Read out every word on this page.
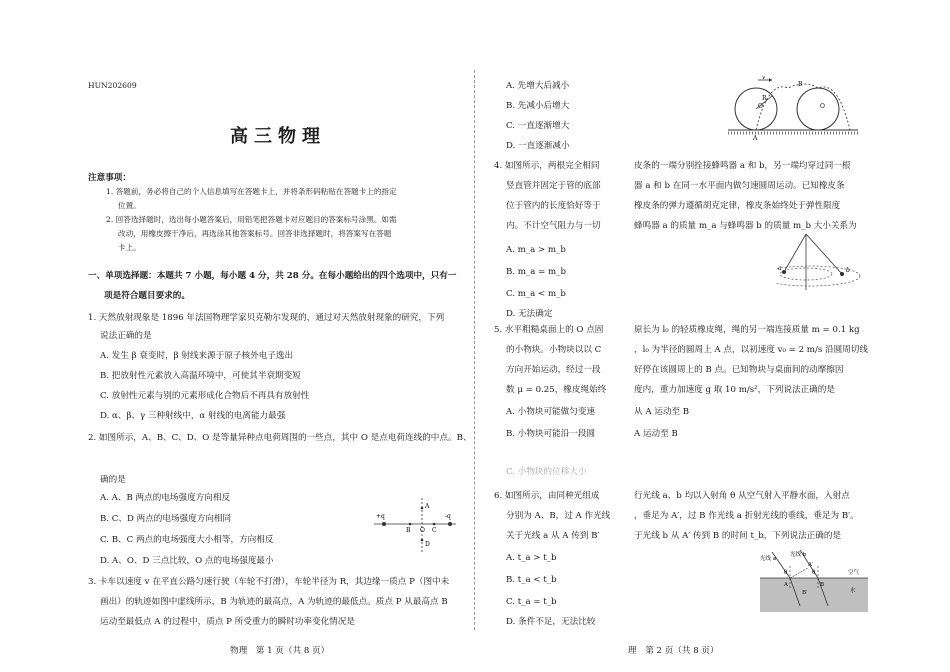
HUN202609
高三物理
注意事项：
1. 答题前，务必将自己的个人信息填写在答题卡上，并将条形码粘贴在答题卡上的指定
位置。
2. 回答选择题时，选出每小题答案后，用铅笔把答题卡对应题目的答案标号涂黑。如需
改动，用橡皮擦干净后，再选涂其他答案标号。回答非选择题时，将答案写在答题
卡上。
一、单项选择题：本题共 7 小题，每小题 4 分，共 28 分。在每小题给出的四个选项中，只有一
项是符合题目要求的。
1. 天然放射现象是 1896 年法国物理学家贝克勒尔发现的，通过对天然放射现象的研究，下列
说法正确的是
A. 发生 β 衰变时，β 射线来源于原子核外电子逸出
B. 把放射性元素放入高温环境中，可使其半衰期变短
C. 放射性元素与别的元素形成化合物后不再具有放射性
D. α、β、γ 三种射线中，α 射线的电离能力最强
2. 如图所示，A、B、C、D、O 是等量异种点电荷周围的一些点，其中 O 是点电荷连线的中点。B、
确的是
A. A、B 两点的电场强度方向相反
B. C、D 两点的电场强度方向相同
C. B、C 两点的电场强度大小相等，方向相反
D. A、O、D 三点比较，O 点的电场强度最小
+q	-q
A
B O C
D
3. 卡车以速度 v 在平直公路匀速行驶（车轮不打滑），车轮半径为 R，其边缘一质点 P（图中未
画出）的轨迹如图中虚线所示，B 为轨迹的最高点，A 为轨迹的最低点。质点 P 从最高点 B
运动至最低点 A 的过程中，质点 P 所受重力的瞬时功率变化情况是
物理　第 1 页（共 8 页）
A. 先增大后减小
B. 先减小后增大
C. 一直逐渐增大
D. 一直逐渐减小
v
B
R
O	O
A
4. 如图所示，两根完全相同
竖直管并固定于管的底部
位于管内的长度恰好等于
内。不计空气阻力与一切
皮条的一端分别拴接蜂鸣器 a 和 b，另一端均穿过同一根
器 a 和 b 在同一水平面内做匀速圆周运动。已知橡皮条
橡皮条的弹力遵循胡克定律，橡皮条始终处于弹性限度
蜂鸣器 a 的质量 m_a 与蜂鸣器 b 的质量 m_b 大小关系为
A. m_a > m_b
B. m_a = m_b
C. m_a < m_b
D. 无法确定
a	b
5. 水平粗糙桌面上的 O 点固
的小物块。小物块以以 C
方向开始运动，经过一段
数 μ = 0.25，橡皮绳始终
原长为 l₀ 的轻质橡皮绳，绳的另一端连接质量 m = 0.1 kg
，l₀ 为半径的圆周上 A 点，以初速度 v₀ = 2 m/s 沿圆周切线
好停在该圆周上的 B 点。已知物块与桌面间的动摩擦因
度内，重力加速度 g 取 10 m/s²，下列说法正确的是
A. 小物块可能做匀变速
B. 小物块可能沿一段圆
从 A 运动至 B
A 运动至 B
C. 小物块的位移大小
6. 如图所示，由同种光组成
分别为 A、B，过 A 作光线
关于光线 a 从 A 传到 B′
行光线 a、b 均以入射角 θ 从空气射入平静水面，入射点
，垂足为 A′，过 B 作光线 a 折射光线的垂线，垂足为 B′。
于光线 b 从 A′ 传到 B 的时间 t_b，下列说法正确的是
A. t_a > t_b
B. t_a < t_b
C. t_a = t_b
D. 条件不足，无法比较
光线 a
光线 b
空气
水
A′
A	B
B′
θ	θ
理　第 2 页（共 8 页）
